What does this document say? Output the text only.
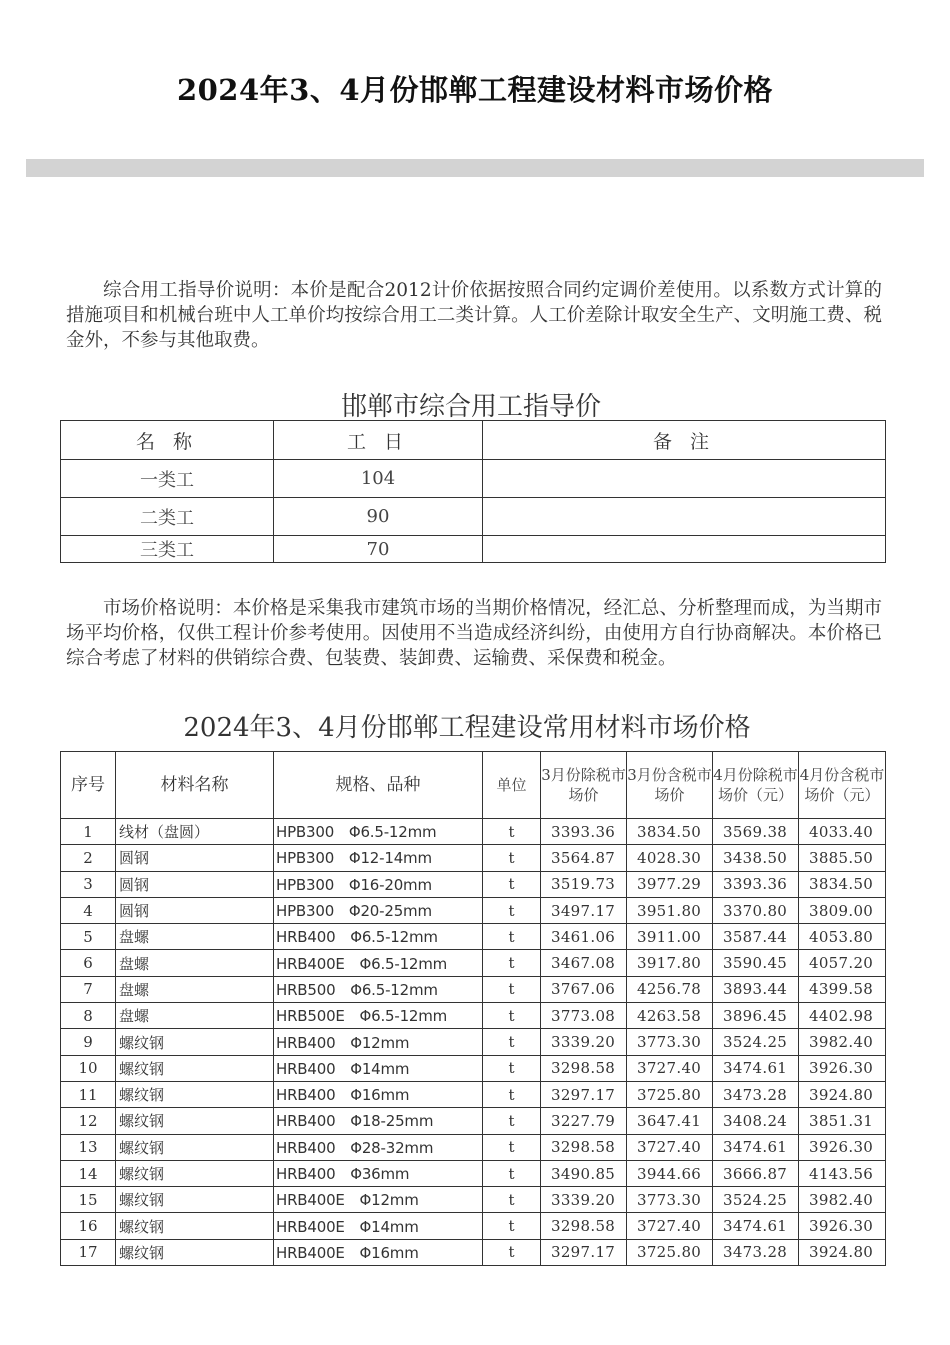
2024年3、4月份邯郸工程建设材料市场价格
综合用工指导价说明：本价是配合2012计价依据按照合同约定调价差使用。以系数方式计算的措施项目和机械台班中人工单价均按综合用工二类计算。人工价差除计取安全生产、文明施工费、税金外，不参与其他取费。
邯郸市综合用工指导价
名 称	工 日	备 注
一类工	104	
二类工	90	
三类工	70	
市场价格说明：本价格是采集我市建筑市场的当期价格情况，经汇总、分析整理而成，为当期市场平均价格，仅供工程计价参考使用。因使用不当造成经济纠纷，由使用方自行协商解决。本价格已综合考虑了材料的供销综合费、包装费、装卸费、运输费、采保费和税金。
2024年3、4月份邯郸工程建设常用材料市场价格
序号	材料名称	规格、品种	单位	3月份除税市场价	3月份含税市场价	4月份除税市场价（元）	4月份含税市场价（元）
1	线材（盘圆）	HPB300　Φ6.5-12mm	t	3393.36	3834.50	3569.38	4033.40
2	圆钢	HPB300　Φ12-14mm	t	3564.87	4028.30	3438.50	3885.50
3	圆钢	HPB300　Φ16-20mm	t	3519.73	3977.29	3393.36	3834.50
4	圆钢	HPB300　Φ20-25mm	t	3497.17	3951.80	3370.80	3809.00
5	盘螺	HRB400　Φ6.5-12mm	t	3461.06	3911.00	3587.44	4053.80
6	盘螺	HRB400E　Φ6.5-12mm	t	3467.08	3917.80	3590.45	4057.20
7	盘螺	HRB500　Φ6.5-12mm	t	3767.06	4256.78	3893.44	4399.58
8	盘螺	HRB500E　Φ6.5-12mm	t	3773.08	4263.58	3896.45	4402.98
9	螺纹钢	HRB400　Φ12mm	t	3339.20	3773.30	3524.25	3982.40
10	螺纹钢	HRB400　Φ14mm	t	3298.58	3727.40	3474.61	3926.30
11	螺纹钢	HRB400　Φ16mm	t	3297.17	3725.80	3473.28	3924.80
12	螺纹钢	HRB400　Φ18-25mm	t	3227.79	3647.41	3408.24	3851.31
13	螺纹钢	HRB400　Φ28-32mm	t	3298.58	3727.40	3474.61	3926.30
14	螺纹钢	HRB400　Φ36mm	t	3490.85	3944.66	3666.87	4143.56
15	螺纹钢	HRB400E　Φ12mm	t	3339.20	3773.30	3524.25	3982.40
16	螺纹钢	HRB400E　Φ14mm	t	3298.58	3727.40	3474.61	3926.30
17	螺纹钢	HRB400E　Φ16mm	t	3297.17	3725.80	3473.28	3924.80
